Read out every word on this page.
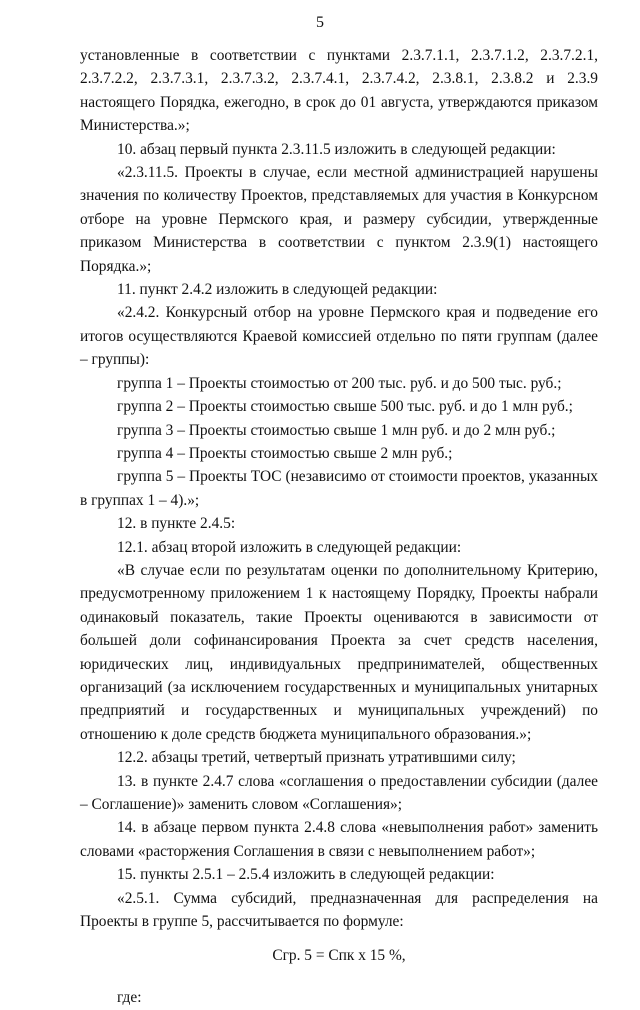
5

установленные в соответствии с пунктами 2.3.7.1.1, 2.3.7.1.2, 2.3.7.2.1, 2.3.7.2.2, 2.3.7.3.1, 2.3.7.3.2, 2.3.7.4.1, 2.3.7.4.2, 2.3.8.1, 2.3.8.2 и 2.3.9 настоящего Порядка, ежегодно, в срок до 01 августа, утверждаются приказом Министерства.»;

10. абзац первый пункта 2.3.11.5 изложить в следующей редакции:

«2.3.11.5. Проекты в случае, если местной администрацией нарушены значения по количеству Проектов, представляемых для участия в Конкурсном отборе на уровне Пермского края, и размеру субсидии, утвержденные приказом Министерства в соответствии с пунктом 2.3.9(1) настоящего Порядка.»;

11. пункт 2.4.2 изложить в следующей редакции:

«2.4.2. Конкурсный отбор на уровне Пермского края и подведение его итогов осуществляются Краевой комиссией отдельно по пяти группам (далее – группы):

группа 1 – Проекты стоимостью от 200 тыс. руб. и до 500 тыс. руб.;

группа 2 – Проекты стоимостью свыше 500 тыс. руб. и до 1 млн руб.;

группа 3 – Проекты стоимостью свыше 1 млн руб. и до 2 млн руб.;

группа 4 – Проекты стоимостью свыше 2 млн руб.;

группа 5 – Проекты ТОС (независимо от стоимости проектов, указанных в группах 1 – 4).»;

12. в пункте 2.4.5:

12.1. абзац второй изложить в следующей редакции:

«В случае если по результатам оценки по дополнительному Критерию, предусмотренному приложением 1 к настоящему Порядку, Проекты набрали одинаковый показатель, такие Проекты оцениваются в зависимости от большей доли софинансирования Проекта за счет средств населения, юридических лиц, индивидуальных предпринимателей, общественных организаций (за исключением государственных и муниципальных унитарных предприятий и государственных и муниципальных учреждений) по отношению к доле средств бюджета муниципального образования.»;

12.2. абзацы третий, четвертый признать утратившими силу;

13. в пункте 2.4.7 слова «соглашения о предоставлении субсидии (далее – Соглашение)» заменить словом «Соглашения»;

14. в абзаце первом пункта 2.4.8 слова «невыполнения работ» заменить словами «расторжения Соглашения в связи с невыполнением работ»;

15. пункты 2.5.1 – 2.5.4 изложить в следующей редакции:

«2.5.1. Сумма субсидий, предназначенная для распределения на Проекты в группе 5, рассчитывается по формуле:

Сгр. 5 = Спк х 15 %,

где:
